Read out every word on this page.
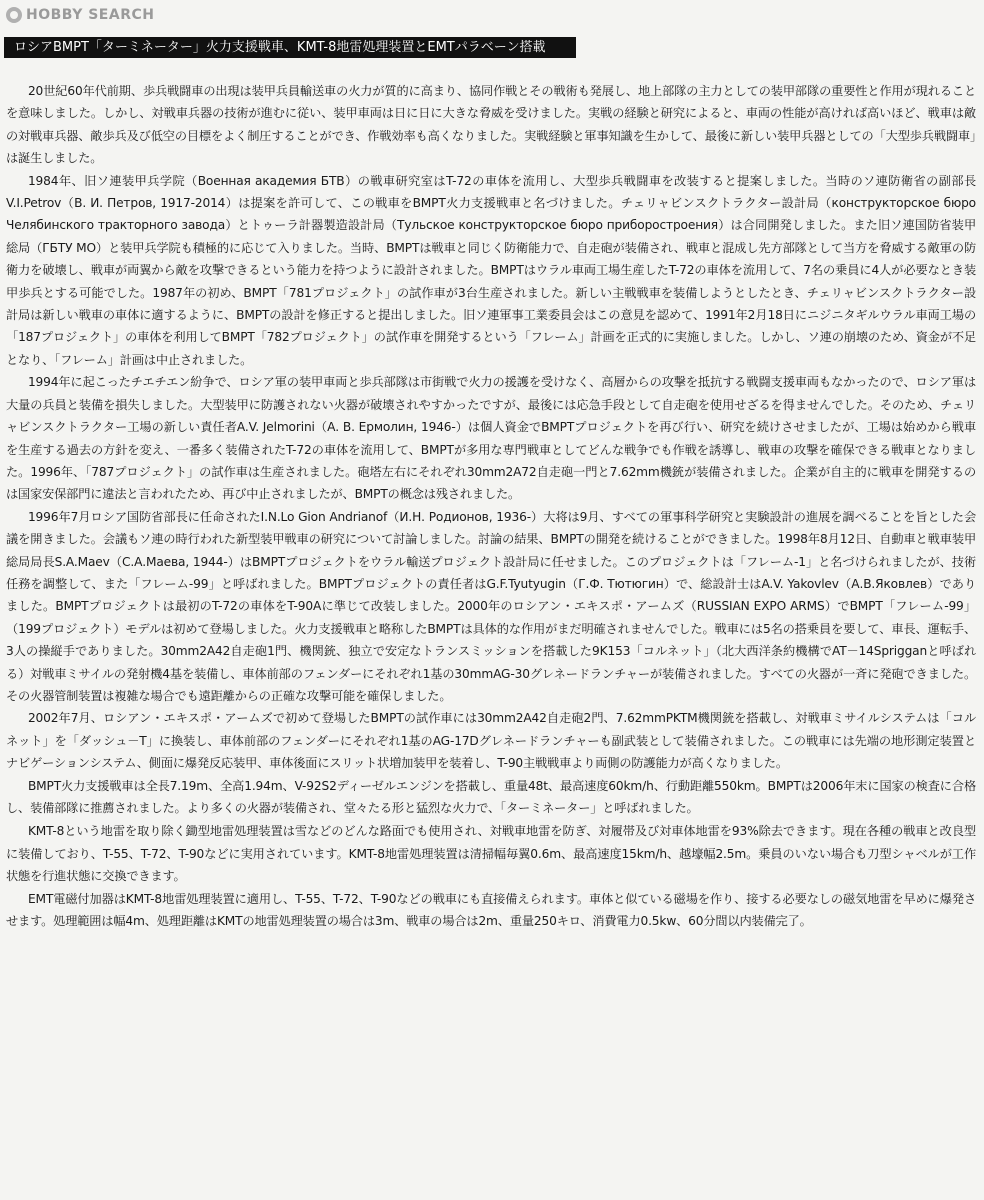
HOBBY SEARCH
ロシアBMPT「ターミネーター」火力支援戦車、KMT-8地雷処理装置とEMTパラベーン搭載

20世紀60年代前期、歩兵戦闘車の出現は装甲兵員輸送車の火力が質的に高まり、協同作戦とその戦術も発展し、地上部隊の主力としての装甲部隊の重要性と作用が現れることを意味しました。しかし、対戦車兵器の技術が進むに従い、装甲車両は日に日に大きな脅威を受けました。実戦の経験と研究によると、車両の性能が高ければ高いほど、戦車は敵の対戦車兵器、敵歩兵及び低空の目標をよく制圧することができ、作戦効率も高くなりました。実戦経験と軍事知識を生かして、最後に新しい装甲兵器としての「大型歩兵戦闘車」は誕生しました。

1984年、旧ソ連装甲兵学院（Военная академия БТВ）の戦車研究室はT-72の車体を流用し、大型歩兵戦闘車を改装すると提案しました。当時のソ連防衛省の副部長V.I.Petrov（В. И. Петров, 1917-2014）は提案を許可して、この戦車をBMPT火力支援戦車と名づけました。チェリャビンスクトラクター設計局（конструкторское бюро Челябинского тракторного завода）とトゥーラ計器製造設計局（Тульское конструкторское бюро приборостроения）は合同開発しました。また旧ソ連国防省装甲総局（ГБТУ МО）と装甲兵学院も積極的に応じて入りました。当時、BMPTは戦車と同じく防衛能力で、自走砲が装備され、戦車と混成し先方部隊として当方を脅威する敵軍の防衛力を破壊し、戦車が両翼から敵を攻撃できるという能力を持つように設計されました。BMPTはウラル車両工場生産したT-72の車体を流用して、7名の乗員に4人が必要なとき装甲歩兵とする可能でした。1987年の初め、BMPT「781プロジェクト」の試作車が3台生産されました。新しい主戦戦車を装備しようとしたとき、チェリャビンスクトラクター設計局は新しい戦車の車体に適するように、BMPTの設計を修正すると提出しました。旧ソ連軍事工業委員会はこの意見を認めて、1991年2月18日にニジニタギルウラル車両工場の「187プロジェクト」の車体を利用してBMPT「782プロジェクト」の試作車を開発するという「フレーム」計画を正式的に実施しました。しかし、ソ連の崩壊のため、資金が不足となり、「フレーム」計画は中止されました。

1994年に起こったチエチエン紛争で、ロシア軍の装甲車両と歩兵部隊は市街戦で火力の援護を受けなく、高層からの攻撃を抵抗する戦闘支援車両もなかったので、ロシア軍は大量の兵員と装備を損失しました。大型装甲に防護されない火器が破壊されやすかったですが、最後には応急手段として自走砲を使用せざるを得ませんでした。そのため、チェリャビンスクトラクター工場の新しい責任者A.V. Jelmorini（А. В. Ермолин, 1946-）は個人資金でBMPTプロジェクトを再び行い、研究を続けさせましたが、工場は始めから戦車を生産する過去の方針を変え、一番多く装備されたT-72の車体を流用して、BMPTが多用な専門戦車としてどんな戦争でも作戦を誘導し、戦車の攻撃を確保できる戦車となりました。1996年、「787プロジェクト」の試作車は生産されました。砲塔左右にそれぞれ30mm2A72自走砲一門と7.62mm機銃が装備されました。企業が自主的に戦車を開発するのは国家安保部門に違法と言われたため、再び中止されましたが、BMPTの概念は残されました。

1996年7月ロシア国防省部長に任命されたI.N.Lo Gion Andrianof（И.Н. Родионов, 1936-）大将は9月、すべての軍事科学研究と実験設計の進展を調べることを旨とした会議を開きました。会議もソ連の時行われた新型装甲戦車の研究について討論しました。討論の結果、BMPTの開発を続けることができました。1998年8月12日、自動車と戦車装甲総局局長S.A.Maev（С.А.Маева, 1944-）はBMPTプロジェクトをウラル輸送プロジェクト設計局に任せました。このプロジェクトは「フレーム-1」と名づけられましたが、技術任務を調整して、また「フレーム-99」と呼ばれました。BMPTプロジェクトの責任者はG.F.Tyutyugin（Г.Ф. Тютюгин）で、総設計士はA.V. Yakovlev（А.В.Яковлев）でありました。BMPTプロジェクトは最初のT-72の車体をT-90Aに準じて改装しました。2000年のロシアン・エキスポ・アームズ（RUSSIAN EXPO ARMS）でBMPT「フレーム-99」（199プロジェクト）モデルは初めて登場しました。火力支援戦車と略称したBMPTは具体的な作用がまだ明確されませんでした。戦車には5名の搭乗員を要して、車長、運転手、3人の操縦手でありました。30mm2A42自走砲1門、機関銃、独立で安定なトランスミッションを搭載した9K153「コルネット」（北大西洋条約機構でAT－14Sprigganと呼ばれる）対戦車ミサイルの発射機4基を装備し、車体前部のフェンダーにそれぞれ1基の30mmAG-30グレネードランチャーが装備されました。すべての火器が一斉に発砲できました。その火器管制装置は複雑な場合でも遠距離からの正確な攻撃可能を確保しました。

2002年7月、ロシアン・エキスポ・アームズで初めて登場したBMPTの試作車には30mm2A42自走砲2門、7.62mmPKTM機関銃を搭載し、対戦車ミサイルシステムは「コルネット」を「ダッシュ－T」に換装し、車体前部のフェンダーにそれぞれ1基のAG-17Dグレネードランチャーも副武装として装備されました。この戦車には先端の地形測定装置とナビゲーションシステム、側面に爆発反応装甲、車体後面にスリット状増加装甲を装着し、T-90主戦戦車より両側の防護能力が高くなりました。

BMPT火力支援戦車は全長7.19m、全高1.94m、V-92S2ディーゼルエンジンを搭載し、重量48t、最高速度60km/h、行動距離550km。BMPTは2006年末に国家の検査に合格し、装備部隊に推薦されました。より多くの火器が装備され、堂々たる形と猛烈な火力で、「ターミネーター」と呼ばれました。

KMT-8という地雷を取り除く鋤型地雷処理装置は雪などのどんな路面でも使用され、対戦車地雷を防ぎ、対履帯及び対車体地雷を93%除去できます。現在各種の戦車と改良型に装備しており、T-55、T-72、T-90などに実用されています。KMT-8地雷処理装置は清掃幅毎翼0.6m、最高速度15km/h、越壕幅2.5m。乗員のいない場合も刀型シャベルが工作状態を行進状態に交換できます。

EMT電磁付加器はKMT-8地雷処理装置に適用し、T-55、T-72、T-90などの戦車にも直接備えられます。車体と似ている磁場を作り、接する必要なしの磁気地雷を早めに爆発させます。処理範囲は幅4m、処理距離はKMTの地雷処理装置の場合は3m、戦車の場合は2m、重量250キロ、消費電力0.5kw、60分間以内装備完了。
